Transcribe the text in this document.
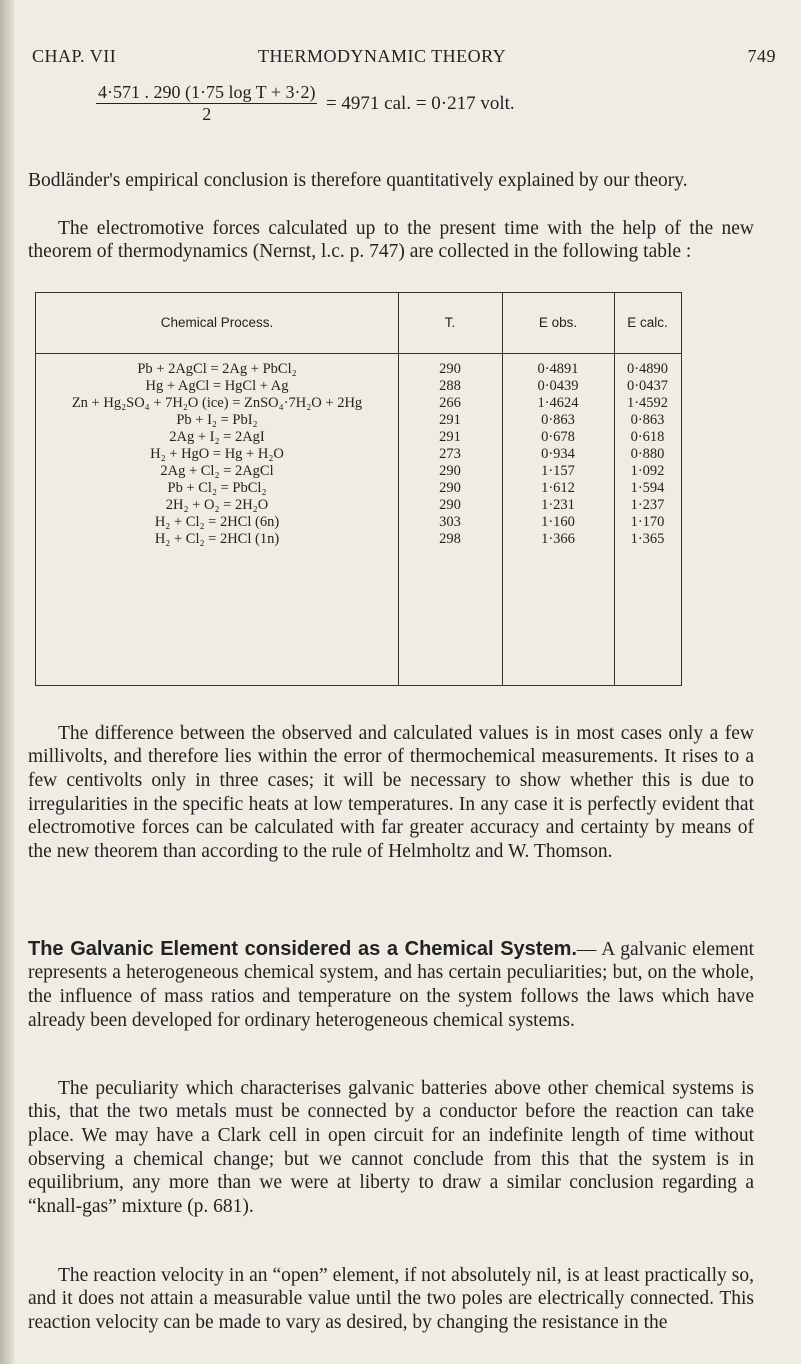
CHAP. VII	THERMODYNAMIC THEORY	749
$\frac{\text{4·571 . 290 (1·75 log T + 3·2)}}{2} = 4971$ cal. = 0·217 volt.

Bodländer's empirical conclusion is therefore quantitatively explained by our theory.

The electromotive forces calculated up to the present time with the help of the new theorem of thermodynamics (Nernst, l.c. p. 747) are collected in the following table :

Chemical Process.	T.	E obs.	E calc.
Pb + 2AgCl = 2Ag + PbCl₂	290	0·4891	0·4890
Hg + AgCl = HgCl + Ag	288	0·0439	0·0437
Zn + Hg₂SO₄ + 7H₂O (ice) = ZnSO₄·7H₂O + 2Hg	266	1·4624	1·4592
Pb + I₂ = PbI₂	291	0·863	0·863
2Ag + I₂ = 2AgI	291	0·678	0·618
H₂ + HgO = Hg + H₂O	273	0·934	0·880
2Ag + Cl₂ = 2AgCl	290	1·157	1·092
Pb + Cl₂ = PbCl₂	290	1·612	1·594
2H₂ + O₂ = 2H₂O	290	1·231	1·237
H₂ + Cl₂ = 2HCl (6n)	303	1·160	1·170
H₂ + Cl₂ = 2HCl (1n)	298	1·366	1·365

The difference between the observed and calculated values is in most cases only a few millivolts, and therefore lies within the error of thermochemical measurements. It rises to a few centivolts only in three cases; it will be necessary to show whether this is due to irregularities in the specific heats at low temperatures. In any case it is perfectly evident that electromotive forces can be calculated with far greater accuracy and certainty by means of the new theorem than according to the rule of Helmholtz and W. Thomson.

The Galvanic Element considered as a Chemical System.— A galvanic element represents a heterogeneous chemical system, and has certain peculiarities; but, on the whole, the influence of mass ratios and temperature on the system follows the laws which have already been developed for ordinary heterogeneous chemical systems.

The peculiarity which characterises galvanic batteries above other chemical systems is this, that the two metals must be connected by a conductor before the reaction can take place. We may have a Clark cell in open circuit for an indefinite length of time without observing a chemical change; but we cannot conclude from this that the system is in equilibrium, any more than we were at liberty to draw a similar conclusion regarding a “knall-gas” mixture (p. 681).

The reaction velocity in an “open” element, if not absolutely nil, is at least practically so, and it does not attain a measurable value until the two poles are electrically connected. This reaction velocity can be made to vary as desired, by changing the resistance in the
